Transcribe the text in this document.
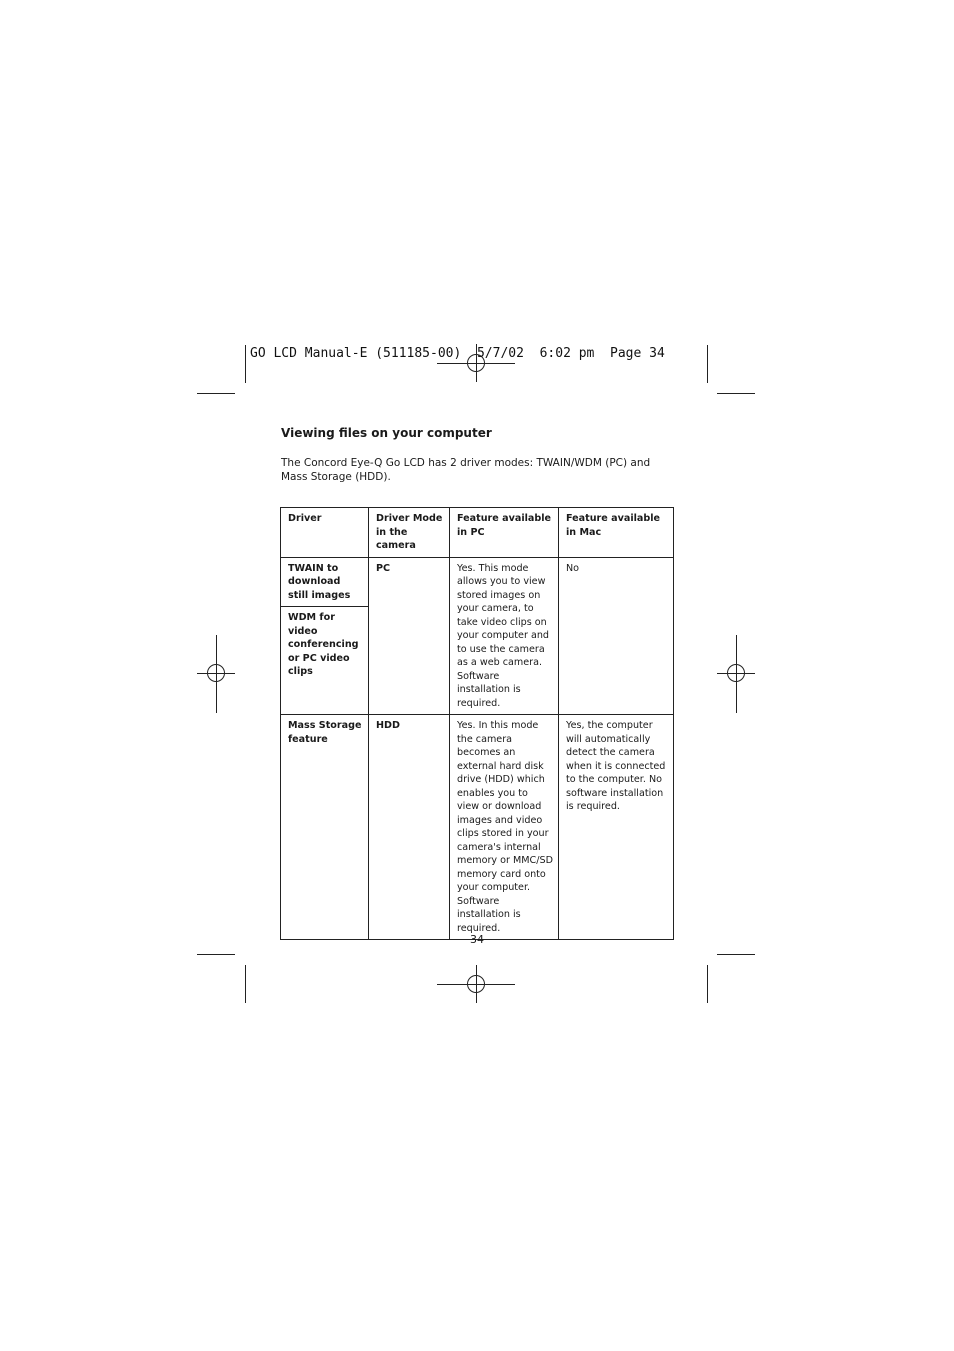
GO LCD Manual-E (511185-00)  5/7/02  6:02 pm  Page 34
Viewing files on your computer

The Concord Eye-Q Go LCD has 2 driver modes: TWAIN/WDM (PC) and Mass Storage (HDD).

Driver	Driver Mode in the camera	Feature available in PC	Feature available in Mac

TWAIN to download still images
WDM for video conferencing or PC video clips	PC	Yes. This mode allows you to view stored images on your camera, to take video clips on your computer and to use the camera as a web camera. Software installation is required.	No
Mass Storage feature	HDD	Yes. In this mode the camera becomes an external hard disk drive (HDD) which enables you to view or download images and video clips stored in your camera's internal memory or MMC/SD memory card onto your computer. Software installation is required.	Yes, the computer will automatically detect the camera when it is connected to the computer. No software installation is required.
34
